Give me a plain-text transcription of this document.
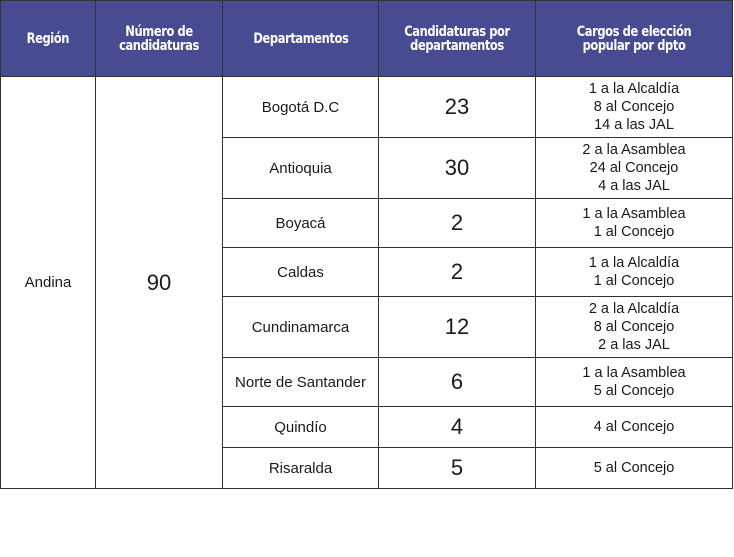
Región	Número de candidaturas	Departamentos	Candidaturas por departamentos	Cargos de elección popular por dpto
Andina	90	Bogotá D.C	23	1 a la Alcaldía
8 al Concejo
14 a las JAL

		Antioquia	30	2 a la Asamblea
24 al Concejo
4 a las JAL

		Boyacá	2	1 a la Asamblea
1 al Concejo

		Caldas	2	1 a la Alcaldía
1 al Concejo

		Cundinamarca	12	2 a la Alcaldía
8 al Concejo
2 a las JAL

		Norte de Santander	6	1 a la Asamblea
5 al Concejo

		Quindío	4	4 al Concejo

		Risaralda	5	5 al Concejo
